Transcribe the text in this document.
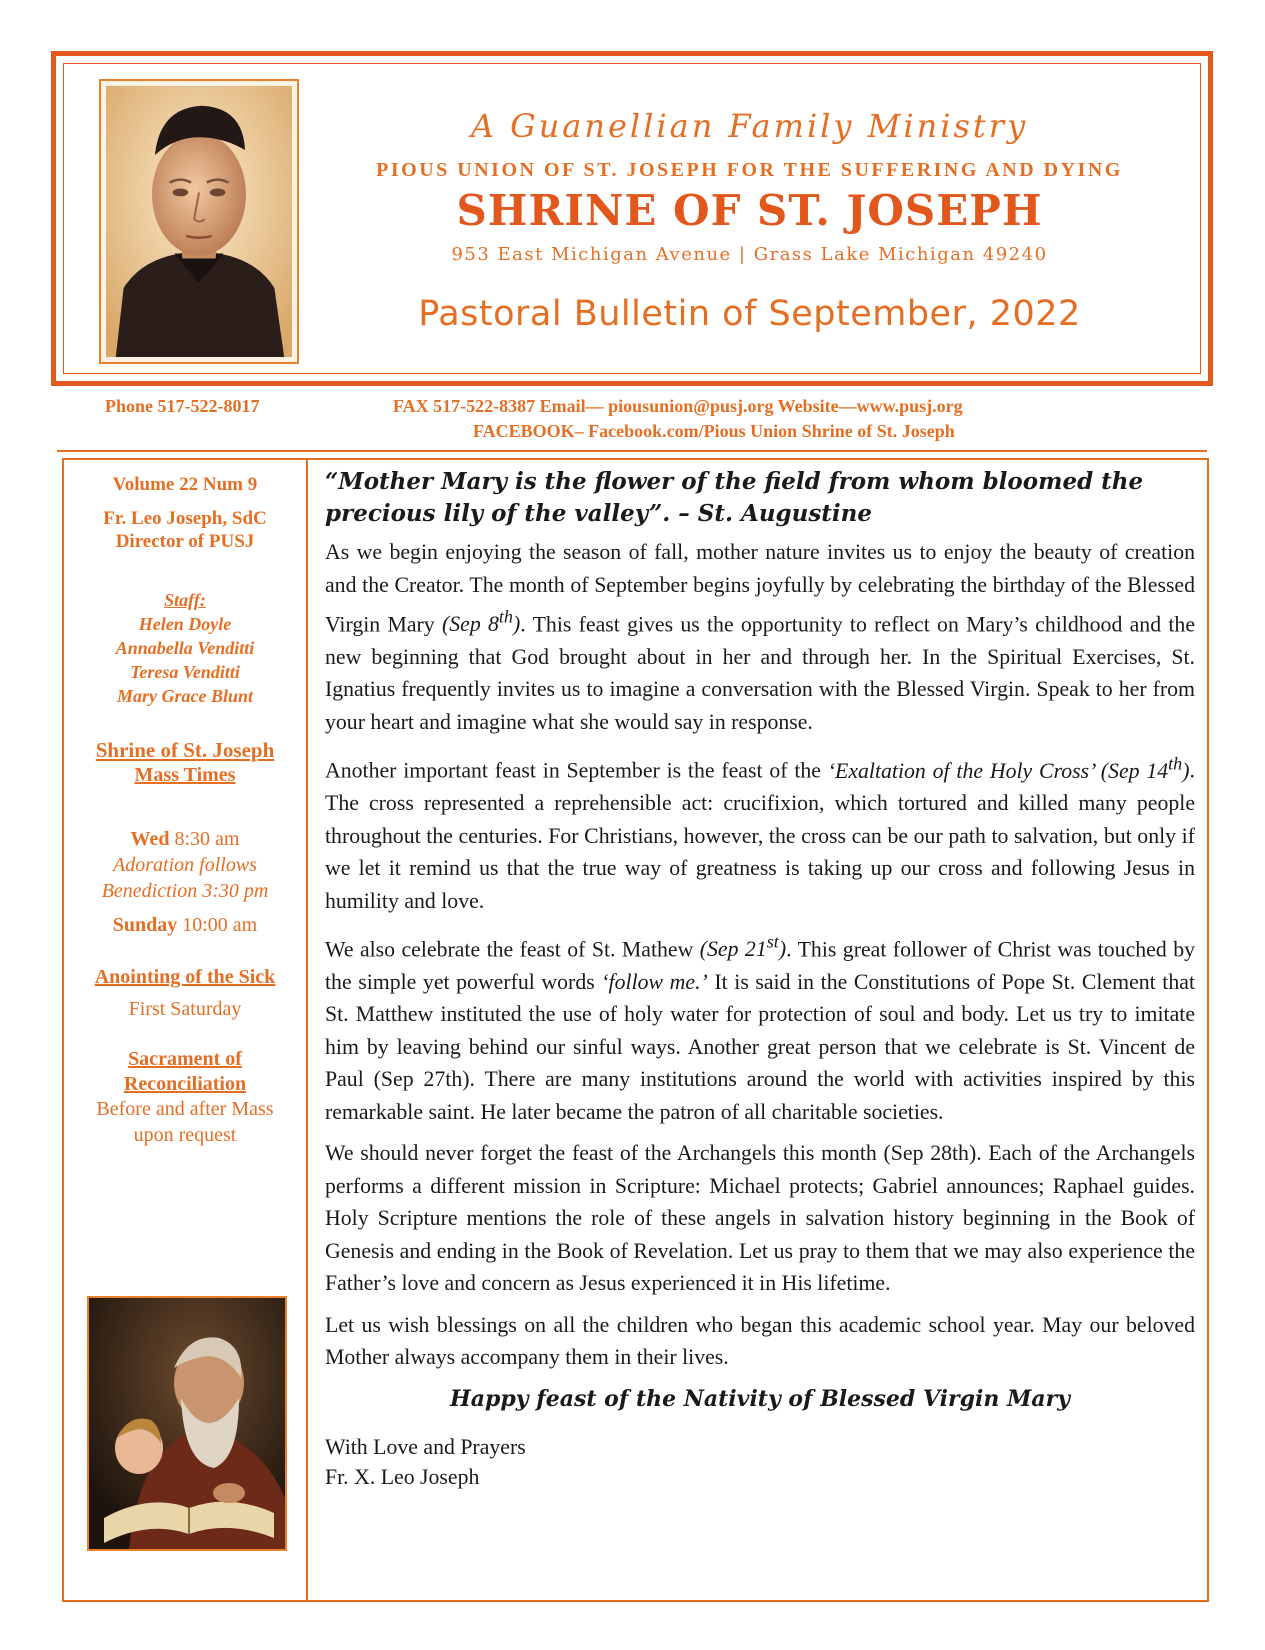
A Guanellian Family Ministry
PIOUS UNION OF ST. JOSEPH FOR THE SUFFERING AND DYING
SHRINE OF ST. JOSEPH
953 East Michigan Avenue | Grass Lake Michigan 49240
Pastoral Bulletin of September, 2022
Phone 517-522-8017	FAX 517-522-8387 Email— piousunion@pusj.org Website—www.pusj.org
FACEBOOK– Facebook.com/Pious Union Shrine of St. Joseph
Volume 22 Num 9
Fr. Leo Joseph, SdC
Director of PUSJ
Staff:
Helen Doyle
Annabella Venditti
Teresa Venditti
Mary Grace Blunt
Shrine of St. Joseph
Mass Times
Wed 8:30 am
Adoration follows
Benediction 3:30 pm
Sunday 10:00 am
Anointing of the Sick
First Saturday
Sacrament of
Reconciliation
Before and after Mass
upon request

“Mother Mary is the flower of the field from whom bloomed the precious lily of the valley”. – St. Augustine

As we begin enjoying the season of fall, mother nature invites us to enjoy the beauty of creation and the Creator. The month of September begins joyfully by celebrating the birthday of the Blessed Virgin Mary (Sep 8th). This feast gives us the opportunity to reflect on Mary’s childhood and the new beginning that God brought about in her and through her. In the Spiritual Exercises, St. Ignatius frequently invites us to imagine a conversation with the Blessed Virgin. Speak to her from your heart and imagine what she would say in response.

Another important feast in September is the feast of the ‘Exaltation of the Holy Cross’ (Sep 14th). The cross represented a reprehensible act: crucifixion, which tortured and killed many people throughout the centuries. For Christians, however, the cross can be our path to salvation, but only if we let it remind us that the true way of greatness is taking up our cross and following Jesus in humility and love.

We also celebrate the feast of St. Mathew (Sep 21st). This great follower of Christ was touched by the simple yet powerful words ‘follow me.’ It is said in the Constitutions of Pope St. Clement that St. Matthew instituted the use of holy water for protection of soul and body. Let us try to imitate him by leaving behind our sinful ways. Another great person that we celebrate is St. Vincent de Paul (Sep 27th). There are many institutions around the world with activities inspired by this remarkable saint. He later became the patron of all charitable societies.

We should never forget the feast of the Archangels this month (Sep 28th). Each of the Archangels performs a different mission in Scripture: Michael protects; Gabriel announces; Raphael guides. Holy Scripture mentions the role of these angels in salvation history beginning in the Book of Genesis and ending in the Book of Revelation. Let us pray to them that we may also experience the Father’s love and concern as Jesus experienced it in His lifetime.

Let us wish blessings on all the children who began this academic school year. May our beloved Mother always accompany them in their lives.

Happy feast of the Nativity of Blessed Virgin Mary

With Love and Prayers

Fr. X. Leo Joseph
